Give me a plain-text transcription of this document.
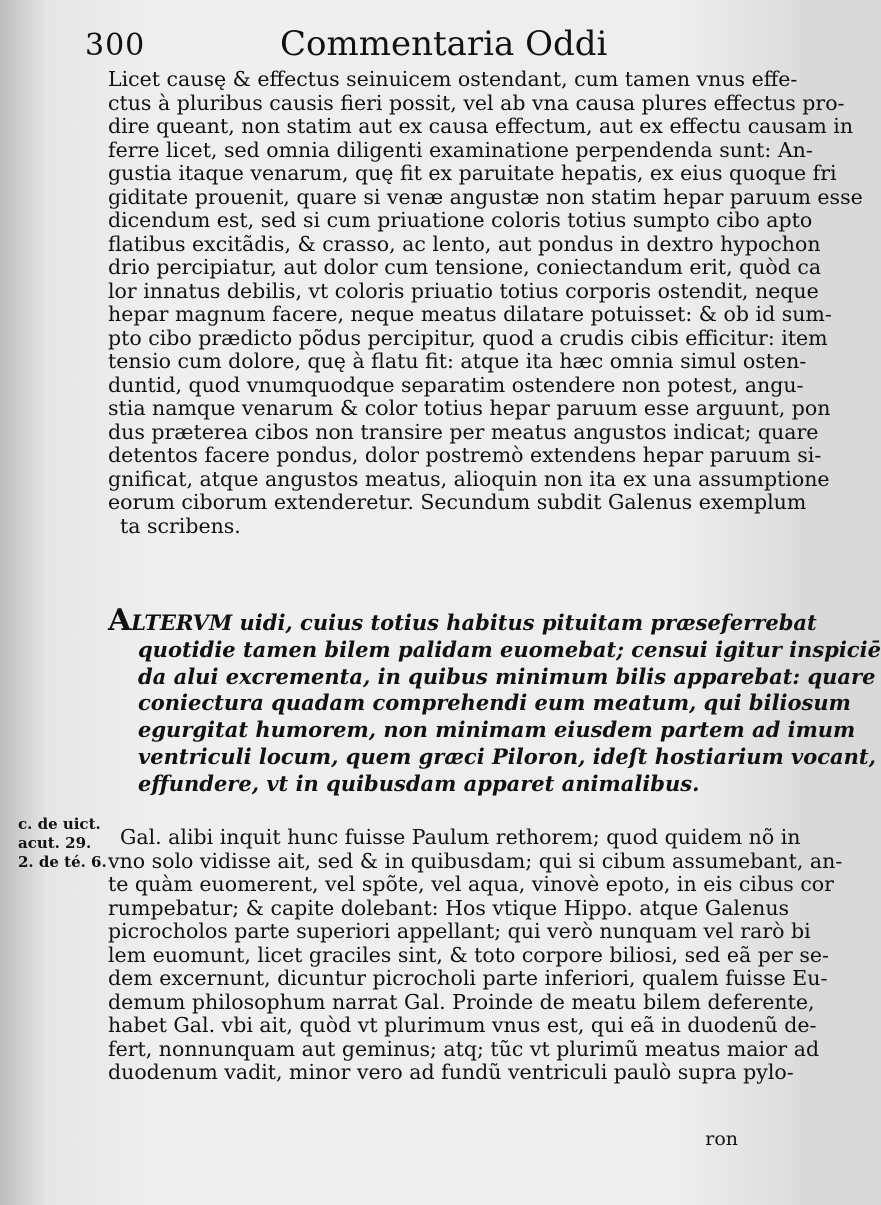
300	Commentaria Oddi
Licet causę & effectus seinuicem ostendant, cum tamen vnus effe-
ctus à pluribus causis fieri possit, vel ab vna causa plures effectus pro-
dire queant, non statim aut ex causa effectum, aut ex effectu causam in
ferre licet, sed omnia diligenti examinatione perpendenda sunt: An-
gustia itaque venarum, quę fit ex paruitate hepatis, ex eius quoque fri
giditate prouenit, quare si venæ angustæ non statim hepar paruum esse
dicendum est, sed si cum priuatione coloris totius sumpto cibo apto
flatibus excitãdis, & crasso, ac lento, aut pondus in dextro hypochon
drio percipiatur, aut dolor cum tensione, coniectandum erit, quòd ca
lor innatus debilis, vt coloris priuatio totius corporis ostendit, neque
hepar magnum facere, neque meatus dilatare potuisset: & ob id sum-
pto cibo prædicto põdus percipitur, quod a crudis cibis efficitur: item
tensio cum dolore, quę à flatu fit: atque ita hæc omnia simul osten-
duntid, quod vnumquodque separatim ostendere non potest, angu-
stia namque venarum & color totius hepar paruum esse arguunt, pon
dus præterea cibos non transire per meatus angustos indicat; quare
detentos facere pondus, dolor postremò extendens hepar paruum si-
gnificat, atque angustos meatus, alioquin non ita ex una assumptione
eorum ciborum extenderetur. Secundum subdit Galenus exemplum
ta scribens.
ALTERVM uidi, cuius totius habitus pituitam præseferrebat
quotidie tamen bilem palidam euomebat; censui igitur inspiciē
da alui excrementa, in quibus minimum bilis apparebat: quare
coniectura quadam comprehendi eum meatum, qui biliosum
egurgitat humorem, non minimam eiusdem partem ad imum
ventriculi locum, quem græci Piloron, ideſt hostiarium vocant,
effundere, vt in quibusdam apparet animalibus.
c. de uict.
acut. 29.
2. de té. 6.
Gal. alibi inquit hunc fuisse Paulum rethorem; quod quidem nõ in
vno solo vidisse ait, sed & in quibusdam; qui si cibum assumebant, an-
te quàm euomerent, vel spõte, vel aqua, vinovè epoto, in eis cibus cor
rumpebatur; & capite dolebant: Hos vtique Hippo. atque Galenus
picrocholos parte superiori appellant; qui verò nunquam vel rarò bi
lem euomunt, licet graciles sint, & toto corpore biliosi, sed eã per se-
dem excernunt, dicuntur picrocholi parte inferiori, qualem fuisse Eu-
demum philosophum narrat Gal. Proinde de meatu bilem deferente,
habet Gal. vbi ait, quòd vt plurimum vnus est, qui eã in duodenũ de-
fert, nonnunquam aut geminus; atq; tũc vt plurimũ meatus maior ad
duodenum vadit, minor vero ad fundũ ventriculi paulò supra pylo-
ron
